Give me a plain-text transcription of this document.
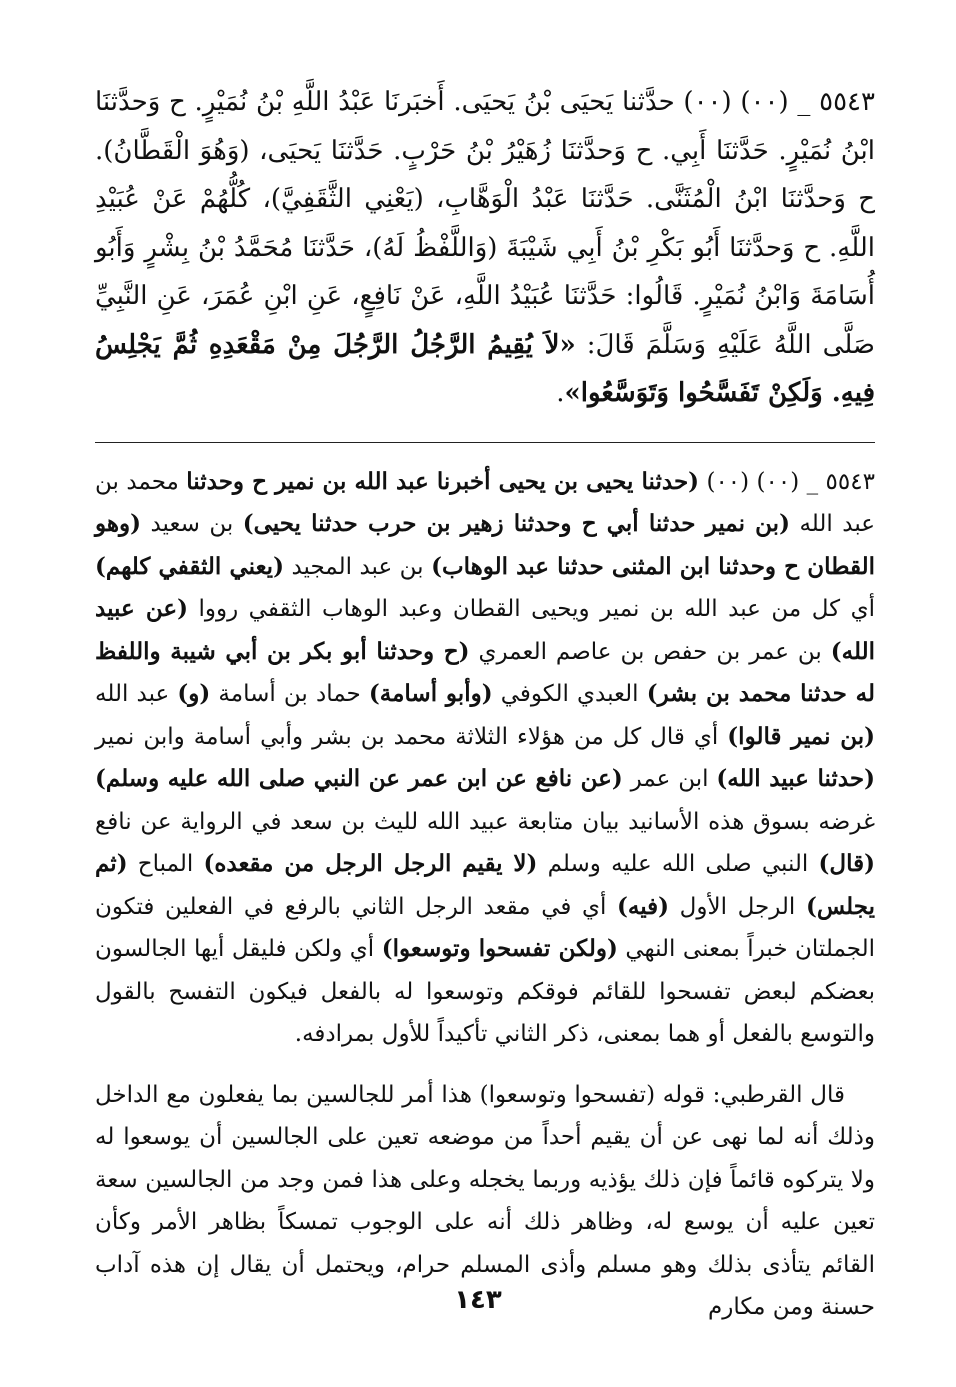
٥٥٤٣ _ (٠٠) (٠٠) حدَّثنا يَحيَى بْنُ يَحيَى. أَخبَرنَا عَبْدُ اللَّهِ بْنُ نُمَيْرٍ. ح وَحدَّثنَا ابْنُ نُمَيْرٍ. حَدَّثنَا أَبِي. ح وَحدَّثنَا زُهَيْرُ بْنُ حَرْبٍ. حَدَّثنَا يَحيَى، (وَهُوَ الْقَطَّانُ). ح وَحدَّثنَا ابْنُ الْمُثَنَّى. حَدَّثنَا عَبْدُ الْوَهَّابِ، (يَعْنِي الثَّقَفِيَّ)، كُلُّهُمْ عَنْ عُبَيْدِ اللَّهِ. ح وَحدَّثنَا أَبُو بَكْرِ بْنُ أَبِي شَيْبَةَ (وَاللَّفْظُ لَهُ)، حَدَّثنَا مُحَمَّدُ بْنُ بِشْرٍ وَأَبُو أُسَامَةَ وَابْنُ نُمَيْرٍ. قَالُوا: حَدَّثنَا عُبَيْدُ اللَّهِ، عَنْ نَافِعٍ، عَنِ ابْنِ عُمَرَ، عَنِ النَّبِيِّ صَلَّى اللَّهُ عَلَيْهِ وَسَلَّمَ قَالَ: «لاَ يُقِيمُ الرَّجُلُ الرَّجُلَ مِنْ مَقْعَدِهِ ثُمَّ يَجْلِسُ فِيهِ. وَلَكِنْ تَفَسَّحُوا وَتَوَسَّعُوا».

٥٥٤٣ _ (٠٠) (٠٠) (حدثنا يحيى بن يحيى أخبرنا عبد الله بن نمير ح وحدثنا محمد بن عبد الله (بن نمير حدثنا أبي ح وحدثنا زهير بن حرب حدثنا يحيى) بن سعيد (وهو القطان ح وحدثنا ابن المثنى حدثنا عبد الوهاب) بن عبد المجيد (يعني الثقفي كلهم) أي كل من عبد الله بن نمير ويحيى القطان وعبد الوهاب الثقفي رووا (عن عبيد الله) بن عمر بن حفص بن عاصم العمري (ح وحدثنا أبو بكر بن أبي شيبة واللفظ له حدثنا محمد بن بشر) العبدي الكوفي (وأبو أسامة) حماد بن أسامة (و) عبد الله (بن نمير قالوا) أي قال كل من هؤلاء الثلاثة محمد بن بشر وأبي أسامة وابن نمير (حدثنا عبيد الله) ابن عمر (عن نافع عن ابن عمر عن النبي صلى الله عليه وسلم) غرضه بسوق هذه الأسانيد بيان متابعة عبيد الله لليث بن سعد في الرواية عن نافع (قال) النبي صلى الله عليه وسلم (لا يقيم الرجل الرجل من مقعده) المباح (ثم يجلس) الرجل الأول (فيه) أي في مقعد الرجل الثاني بالرفع في الفعلين فتكون الجملتان خبراً بمعنى النهي (ولكن تفسحوا وتوسعوا) أي ولكن فليقل أيها الجالسون بعضكم لبعض تفسحوا للقائم فوقكم وتوسعوا له بالفعل فيكون التفسح بالقول والتوسع بالفعل أو هما بمعنى، ذكر الثاني تأكيداً للأول بمرادفه.

قال القرطبي: قوله (تفسحوا وتوسعوا) هذا أمر للجالسين بما يفعلون مع الداخل وذلك أنه لما نهى عن أن يقيم أحداً من موضعه تعين على الجالسين أن يوسعوا له ولا يتركوه قائماً فإن ذلك يؤذيه وربما يخجله وعلى هذا فمن وجد من الجالسين سعة تعين عليه أن يوسع له، وظاهر ذلك أنه على الوجوب تمسكاً بظاهر الأمر وكأن القائم يتأذى بذلك وهو مسلم وأذى المسلم حرام، ويحتمل أن يقال إن هذه آداب حسنة ومن مكارم

١٤٣
